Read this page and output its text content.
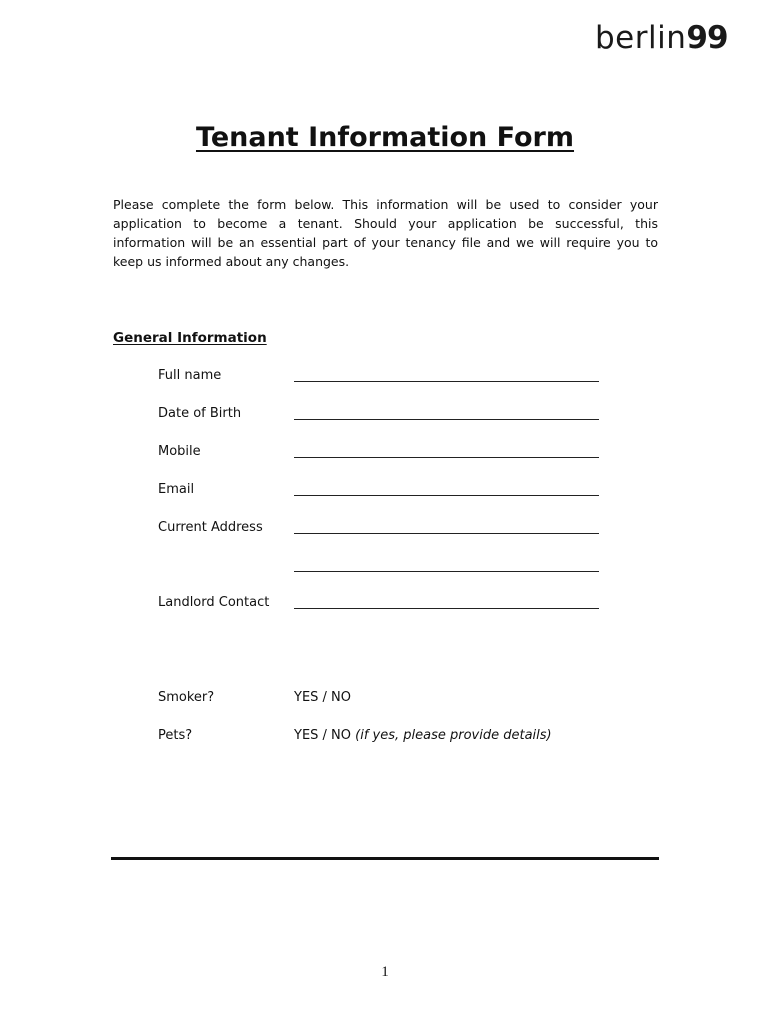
berlin99
Tenant Information Form

Please complete the form below. This information will be used to consider your application to become a tenant. Should your application be successful, this information will be an essential part of your tenancy file and we will require you to keep us informed about any changes.

General Information
Full name
Date of Birth
Mobile
Email
Current Address
Landlord Contact
Smoker?	YES / NO
Pets?	YES / NO (if yes, please provide details)
1
